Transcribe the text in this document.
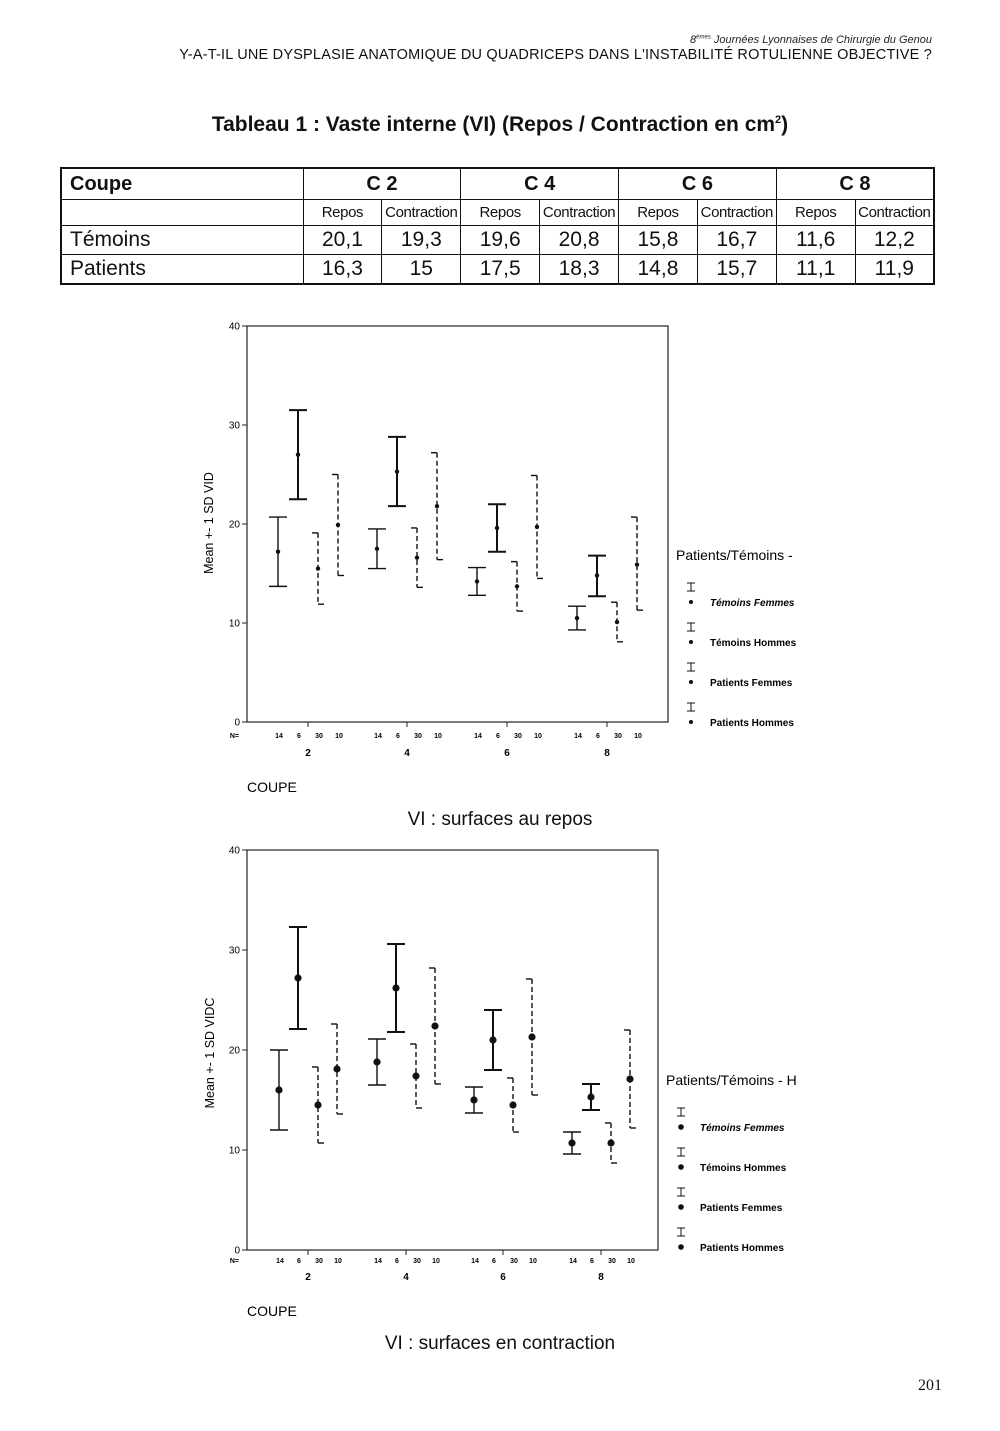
8èmes Journées Lyonnaises de Chirurgie du Genou
Y-A-T-IL UNE DYSPLASIE ANATOMIQUE DU QUADRICEPS DANS L'INSTABILITÉ ROTULIENNE OBJECTIVE ?
Tableau 1 : Vaste interne (VI) (Repos / Contraction en $cm^2$)
Coupe	C 2		C 4		C 6		C 8	
	Repos	Contraction	Repos	Contraction	Repos	Contraction	Repos	Contraction
Témoins	20,1	19,3	19,6	20,8	15,8	16,7	11,6	12,2
Patients	16,3	15	17,5	18,3	14,8	15,7	11,1	11,9
0
10
20
30
40
Mean +- 1 SD VID
N=	14 6 30 10
2
14 6 30 10
4
14 6 30 10
6
14 6 30 10
8
COUPE
Patients/Témoins -
Témoins Femmes
Témoins Hommes
Patients Femmes
Patients Hommes
VI : surfaces au repos
0
10
20
30
40
Mean +- 1 SD VIDC
N=	14 6 30 10
2
14 6 30 10
4
14 6 30 10
6
14 6 30 10
8
COUPE
Patients/Témoins - H
Témoins Femmes
Témoins Hommes
Patients Femmes
Patients Hommes
VI : surfaces en contraction
201
